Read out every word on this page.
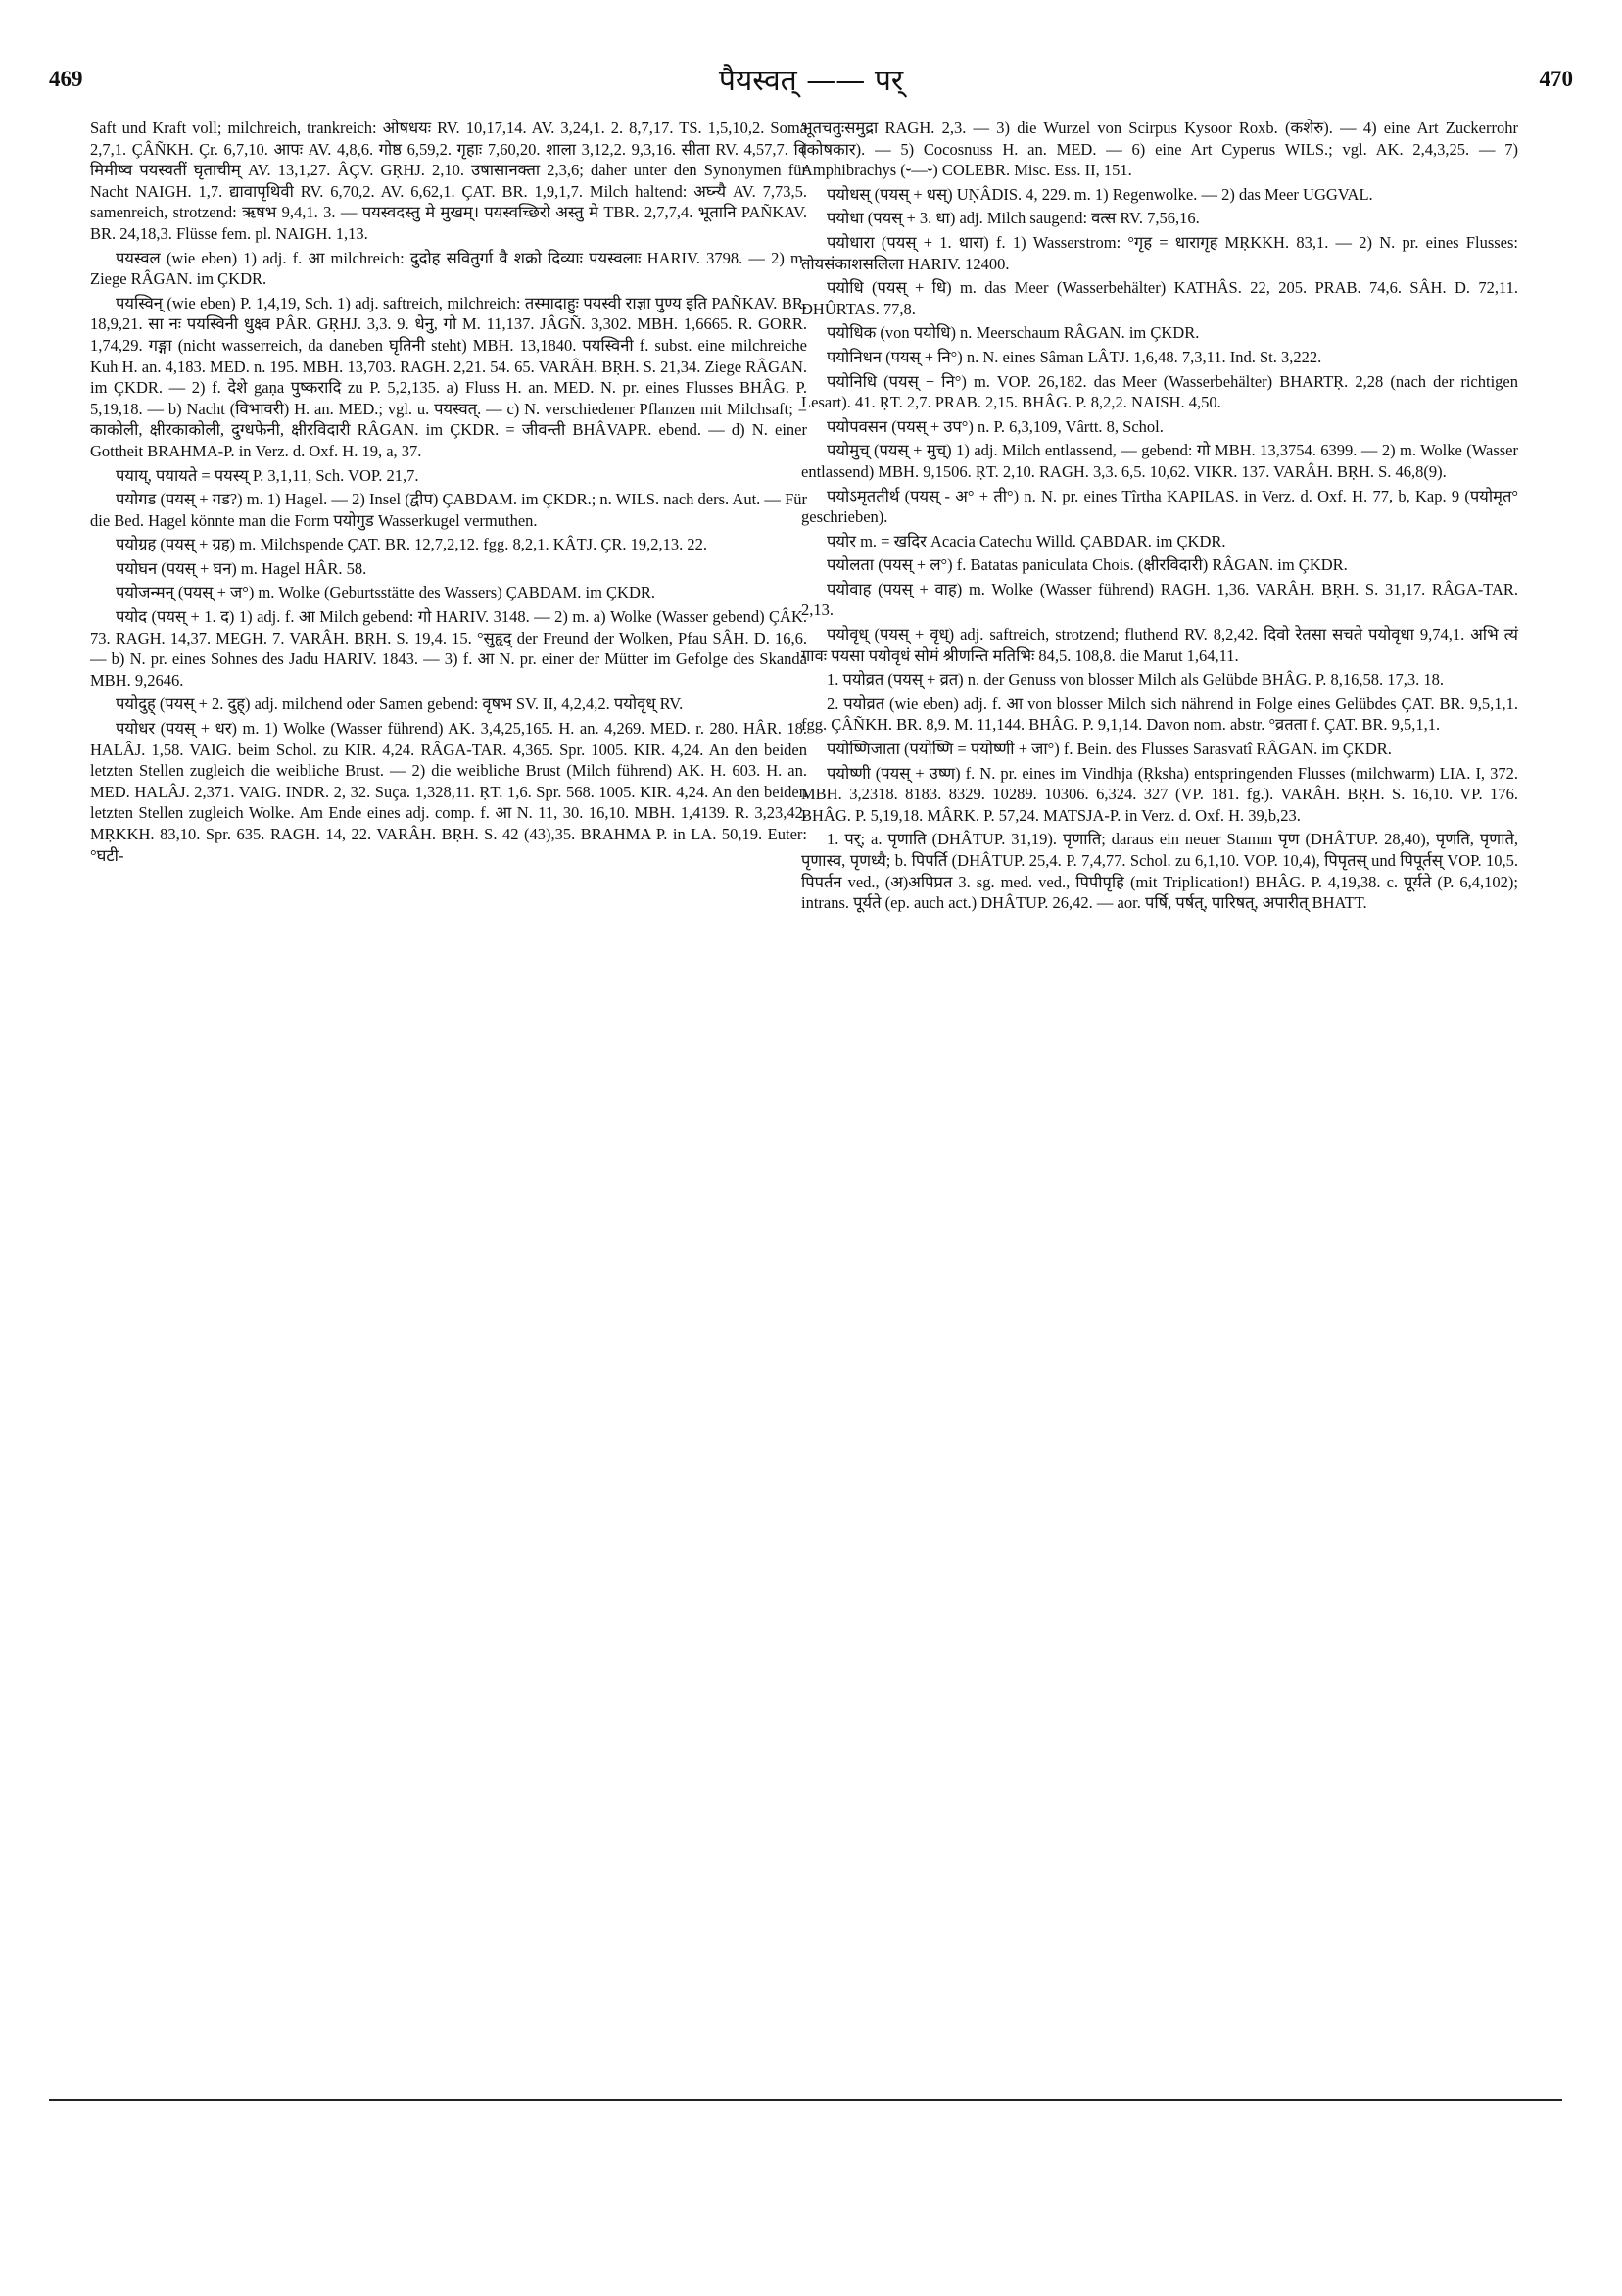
469	पैयस्वत् —— पर्	470

Saft und Kraft voll; milchreich, trankreich: ओषधयः RV. 10,17,14. AV. 3,24,1. 2. 8,7,17. TS. 1,5,10,2. Soma 2,7,1. ÇÂÑKH. Çr. 6,7,10. आपः AV. 4,8,6. गोष्ठ 6,59,2. गृहाः 7,60,20. शाला 3,12,2. 9,3,16. सीता RV. 4,57,7. वि मिमीष्व पयस्वतीं घृताचीम् AV. 13,1,27. ÂÇV. GṚHJ. 2,10. उषासानक्ता 2,3,6; daher unter den Synonymen für Nacht NAIGH. 1,7. द्यावापृथिवी RV. 6,70,2. AV. 6,62,1. ÇAT. BR. 1,9,1,7. Milch haltend: अघ्न्यै AV. 7,73,5. samenreich, strotzend: ऋषभ 9,4,1. 3. — पयस्वदस्तु मे मुखम्। पयस्वच्छिरो अस्तु मे TBR. 2,7,7,4. भूतानि PAÑKAV. BR. 24,18,3. Flüsse fem. pl. NAIGH. 1,13.

पयस्वल (wie eben) 1) adj. f. आ milchreich: दुदोह सवितुर्गा वै शक्रो दिव्याः पयस्वलाः HARIV. 3798. — 2) m. Ziege RÂGAN. im ÇKDR.

पयस्विन् (wie eben) P. 1,4,19, Sch. 1) adj. saftreich, milchreich: तस्मादाहुः पयस्वी राज्ञा पुण्य इति PAÑKAV. BR. 18,9,21. सा नः पयस्विनी धुक्ष्व PÂR. GṚHJ. 3,3. 9. धेनु, गो M. 11,137. JÂGÑ. 3,302. MBH. 1,6665. R. GORR. 1,74,29. गङ्गा (nicht wasserreich, da daneben घृतिनी steht) MBH. 13,1840. पयस्विनी f. subst. eine milchreiche Kuh H. an. 4,183. MED. n. 195. MBH. 13,703. RAGH. 2,21. 54. 65. VARÂH. BṚH. S. 21,34. Ziege RÂGAN. im ÇKDR. — 2) f. देशे gaṇa पुष्करादि zu P. 5,2,135. a) Fluss H. an. MED. N. pr. eines Flusses BHÂG. P. 5,19,18. — b) Nacht (विभावरी) H. an. MED.; vgl. u. पयस्वत्. — c) N. verschiedener Pflanzen mit Milchsaft; = काकोली, क्षीरकाकोली, दुग्धफेनी, क्षीरविदारी RÂGAN. im ÇKDR. = जीवन्ती BHÂVAPR. ebend. — d) N. einer Gottheit BRAHMA-P. in Verz. d. Oxf. H. 19, a, 37.

पयाय्, पयायते = पयस्य् P. 3,1,11, Sch. VOP. 21,7.

पयोगड (पयस् + गड?) m. 1) Hagel. — 2) Insel (द्वीप) ÇABDAM. im ÇKDR.; n. WILS. nach ders. Aut. — Für die Bed. Hagel könnte man die Form पयोगुड Wasserkugel vermuthen.

पयोग्रह (पयस् + ग्रह) m. Milchspende ÇAT. BR. 12,7,2,12. fgg. 8,2,1. KÂTJ. ÇR. 19,2,13. 22.

पयोघन (पयस् + घन) m. Hagel HÂR. 58.

पयोजन्मन् (पयस् + ज°) m. Wolke (Geburtsstätte des Wassers) ÇABDAM. im ÇKDR.

पयोद (पयस् + 1. द) 1) adj. f. आ Milch gebend: गो HARIV. 3148. — 2) m. a) Wolke (Wasser gebend) ÇÂK. 73. RAGH. 14,37. MEGH. 7. VARÂH. BṚH. S. 19,4. 15. °सुहृद् der Freund der Wolken, Pfau SÂH. D. 16,6. — b) N. pr. eines Sohnes des Jadu HARIV. 1843. — 3) f. आ N. pr. einer der Mütter im Gefolge des Skanda MBH. 9,2646.

पयोदुह् (पयस् + 2. दुह्) adj. milchend oder Samen gebend: वृषभ SV. II, 4,2,4,2. पयोवृध् RV.

पयोधर (पयस् + धर) m. 1) Wolke (Wasser führend) AK. 3,4,25,165. H. an. 4,269. MED. r. 280. HÂR. 18. HALÂJ. 1,58. VAIG. beim Schol. zu KIR. 4,24. RÂGA-TAR. 4,365. Spr. 1005. KIR. 4,24. An den beiden letzten Stellen zugleich die weibliche Brust. — 2) die weibliche Brust (Milch führend) AK. H. 603. H. an. MED. HALÂJ. 2,371. VAIG. INDR. 2, 32. Suça. 1,328,11. ṚT. 1,6. Spr. 568. 1005. KIR. 4,24. An den beiden letzten Stellen zugleich Wolke. Am Ende eines adj. comp. f. आ N. 11, 30. 16,10. MBH. 1,4139. R. 3,23,42. MṚKKH. 83,10. Spr. 635. RAGH. 14, 22. VARÂH. BṚH. S. 42 (43),35. BRAHMA P. in LA. 50,19. Euter: °घटी-

भूतचतुःसमुद्रा RAGH. 2,3. — 3) die Wurzel von Scirpus Kysoor Roxb. (कशेरु). — 4) eine Art Zuckerrohr (कोषकार). — 5) Cocosnuss H. an. MED. — 6) eine Art Cyperus WILS.; vgl. AK. 2,4,3,25. — 7) Amphibrachys (⏑—⏑) COLEBR. Misc. Ess. II, 151.

पयोधस् (पयस् + धस्) UṆÂDIS. 4, 229. m. 1) Regenwolke. — 2) das Meer UGGVAL.

पयोधा (पयस् + 3. धा) adj. Milch saugend: वत्स RV. 7,56,16.

पयोधारा (पयस् + 1. धारा) f. 1) Wasserstrom: °गृह = धारागृह MṚKKH. 83,1. — 2) N. pr. eines Flusses: तोयसंकाशसलिला HARIV. 12400.

पयोधि (पयस् + धि) m. das Meer (Wasserbehälter) KATHÂS. 22, 205. PRAB. 74,6. SÂH. D. 72,11. DHÛRTAS. 77,8.

पयोधिक (von पयोधि) n. Meerschaum RÂGAN. im ÇKDR.

पयोनिधन (पयस् + नि°) n. N. eines Sâman LÂTJ. 1,6,48. 7,3,11. Ind. St. 3,222.

पयोनिधि (पयस् + नि°) m. VOP. 26,182. das Meer (Wasserbehälter) BHARTṚ. 2,28 (nach der richtigen Lesart). 41. ṚT. 2,7. PRAB. 2,15. BHÂG. P. 8,2,2. NAISH. 4,50.

पयोपवसन (पयस् + उप°) n. P. 6,3,109, Vârtt. 8, Schol.

पयोमुच् (पयस् + मुच्) 1) adj. Milch entlassend, — gebend: गो MBH. 13,3754. 6399. — 2) m. Wolke (Wasser entlassend) MBH. 9,1506. ṚT. 2,10. RAGH. 3,3. 6,5. 10,62. VIKR. 137. VARÂH. BṚH. S. 46,8(9).

पयोऽमृततीर्थ (पयस् - अ° + ती°) n. N. pr. eines Tîrtha KAPILAS. in Verz. d. Oxf. H. 77, b, Kap. 9 (पयोमृत° geschrieben).

पयोर m. = खदिर Acacia Catechu Willd. ÇABDAR. im ÇKDR.

पयोलता (पयस् + ल°) f. Batatas paniculata Chois. (क्षीरविदारी) RÂGAN. im ÇKDR.

पयोवाह (पयस् + वाह) m. Wolke (Wasser führend) RAGH. 1,36. VARÂH. BṚH. S. 31,17. RÂGA-TAR. 2,13.

पयोवृध् (पयस् + वृध्) adj. saftreich, strotzend; fluthend RV. 8,2,42. दिवो रेतसा सचते पयोवृधा 9,74,1. अभि त्यं गावः पयसा पयोवृधं सोमं श्रीणन्ति मतिभिः 84,5. 108,8. die Marut 1,64,11.

1. पयोव्रत (पयस् + व्रत) n. der Genuss von blosser Milch als Gelübde BHÂG. P. 8,16,58. 17,3. 18.

2. पयोव्रत (wie eben) adj. f. आ von blosser Milch sich nährend in Folge eines Gelübdes ÇAT. BR. 9,5,1,1. fgg. ÇÂÑKH. BR. 8,9. M. 11,144. BHÂG. P. 9,1,14. Davon nom. abstr. °व्रतता f. ÇAT. BR. 9,5,1,1.

पयोष्णिजाता (पयोष्णि = पयोष्णी + जा°) f. Bein. des Flusses Sarasvatî RÂGAN. im ÇKDR.

पयोष्णी (पयस् + उष्ण) f. N. pr. eines im Vindhja (Ṛksha) entspringenden Flusses (milchwarm) LIA. I, 372. MBH. 3,2318. 8183. 8329. 10289. 10306. 6,324. 327 (VP. 181. fg.). VARÂH. BṚH. S. 16,10. VP. 176. BHÂG. P. 5,19,18. MÂRK. P. 57,24. MATSJA-P. in Verz. d. Oxf. H. 39,b,23.

1. पर्; a. पृणाति (DHÂTUP. 31,19). पृणाति; daraus ein neuer Stamm पृण (DHÂTUP. 28,40), पृणति, पृणाते, पृणास्व, पृणध्यै; b. पिपर्ति (DHÂTUP. 25,4. P. 7,4,77. Schol. zu 6,1,10. VOP. 10,4), पिपृतस् und पिपूर्तस् VOP. 10,5. पिपर्तन ved., (अ)अपिप्रत 3. sg. med. ved., पिपीपृहि (mit Triplication!) BHÂG. P. 4,19,38. c. पूर्यते (P. 6,4,102); intrans. पूर्यते (ep. auch act.) DHÂTUP. 26,42. — aor. पर्षि, पर्षत्, पारिषत्, अपारीत् BHATT.
